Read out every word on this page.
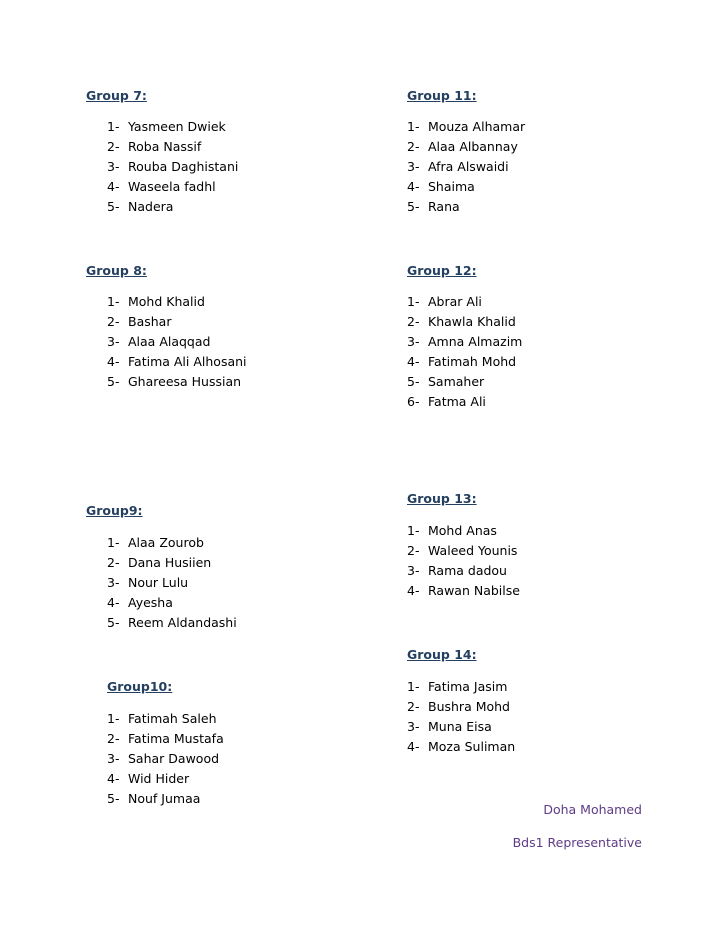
Group 7:
1- Yasmeen Dwiek
2- Roba Nassif
3- Rouba Daghistani
4- Waseela fadhl
5- Nadera
Group 8:
1- Mohd Khalid
2- Bashar
3- Alaa Alaqqad
4- Fatima Ali Alhosani
5- Ghareesa Hussian
Group9:
1- Alaa Zourob
2- Dana Husiien
3- Nour Lulu
4- Ayesha
5- Reem Aldandashi
Group10:
1- Fatimah Saleh
2- Fatima Mustafa
3- Sahar Dawood
4- Wid Hider
5- Nouf Jumaa
Group 11:
1- Mouza Alhamar
2- Alaa Albannay
3- Afra Alswaidi
4- Shaima
5- Rana
Group 12:
1- Abrar Ali
2- Khawla Khalid
3- Amna Almazim
4- Fatimah Mohd
5- Samaher
6- Fatma Ali
Group 13:
1- Mohd Anas
2- Waleed Younis
3- Rama dadou
4- Rawan Nabilse
Group 14:
1- Fatima Jasim
2- Bushra Mohd
3- Muna Eisa
4- Moza Suliman
Doha Mohamed
Bds1 Representative
